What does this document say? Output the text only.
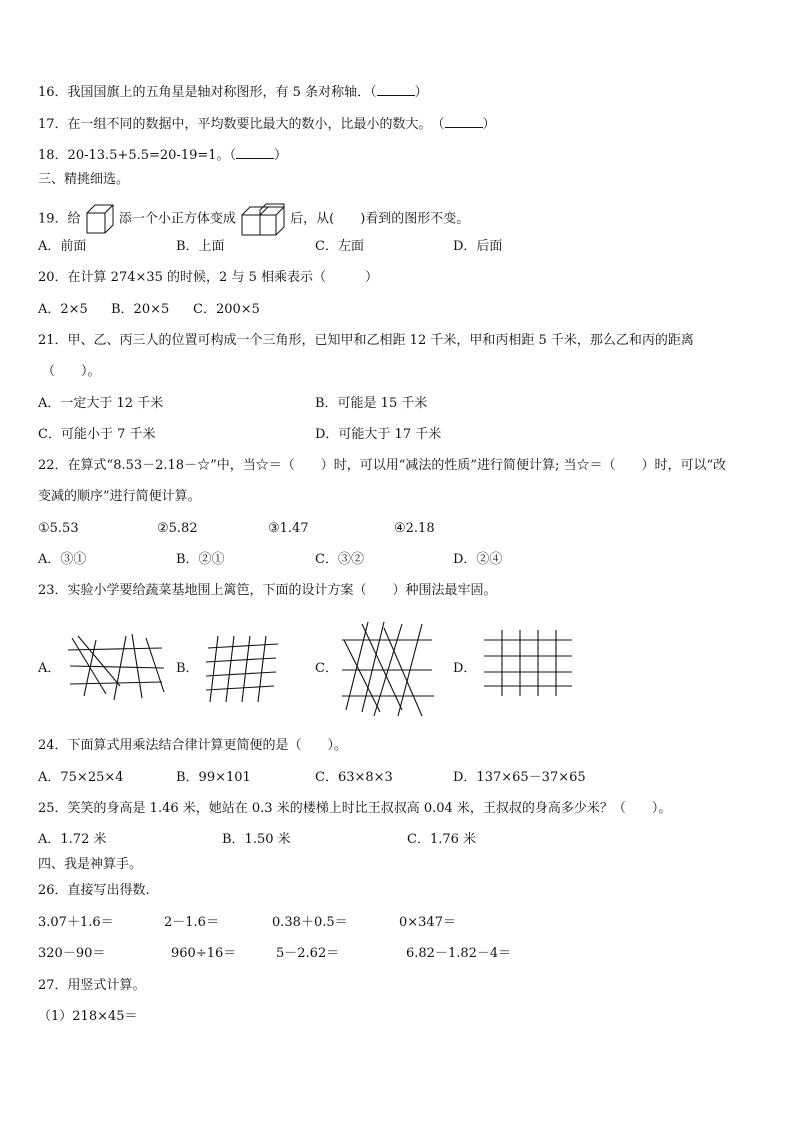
16．我国国旗上的五角星是轴对称图形，有 5 条对称轴．（	）
17．在一组不同的数据中，平均数要比最大的数小，比最小的数大。　（	）
18．20-13.5+5.5=20-19=1。（	）
三、精挑细选。
19．给	添一个小正方体变成	后，从(　　)看到的图形不变。
A．前面	B．上面	C．左面	D．后面
20．在计算 274×35 的时候，2 与 5 相乘表示（　　　）
A．2×5 B．20×5 C．200×5
21．甲、乙、丙三人的位置可构成一个三角形，已知甲和乙相距 12 千米，甲和丙相距 5 千米，那么乙和丙的距离
（　　）。
A．一定大于 12 千米	B．可能是 15 千米
C．可能小于 7 千米	D．可能大于 17 千米
22．在算式“8.53－2.18－☆”中，当☆＝（　　）时，可以用“减法的性质”进行简便计算; 当☆＝（　　）时，可以“改
变减的顺序”进行简便计算。
①5.53	②5.82	③1.47	④2.18
A．③①	B．②①	C．③②	D．②④
23．实验小学要给蔬菜基地围上篱笆，下面的设计方案（　　）种围法最牢固。
A．	B．	C．	D．
24．下面算式用乘法结合律计算更简便的是（　　）。
A．75×25×4	B．99×101	C．63×8×3	D．137×65－37×65
25．笑笑的身高是 1.46 米，她站在 0.3 米的楼梯上时比王叔叔高 0.04 米，王叔叔的身高多少米？（　　）。
A．1.72 米	B．1.50 米	C．1.76 米
四、我是神算手。
26．直接写出得数.
3.07＋1.6＝	2－1.6＝	0.38＋0.5＝	0×347＝
320－90＝	960÷16＝	5－2.62＝	6.82－1.82－4＝
27．用竖式计算。
（1）218×45＝
